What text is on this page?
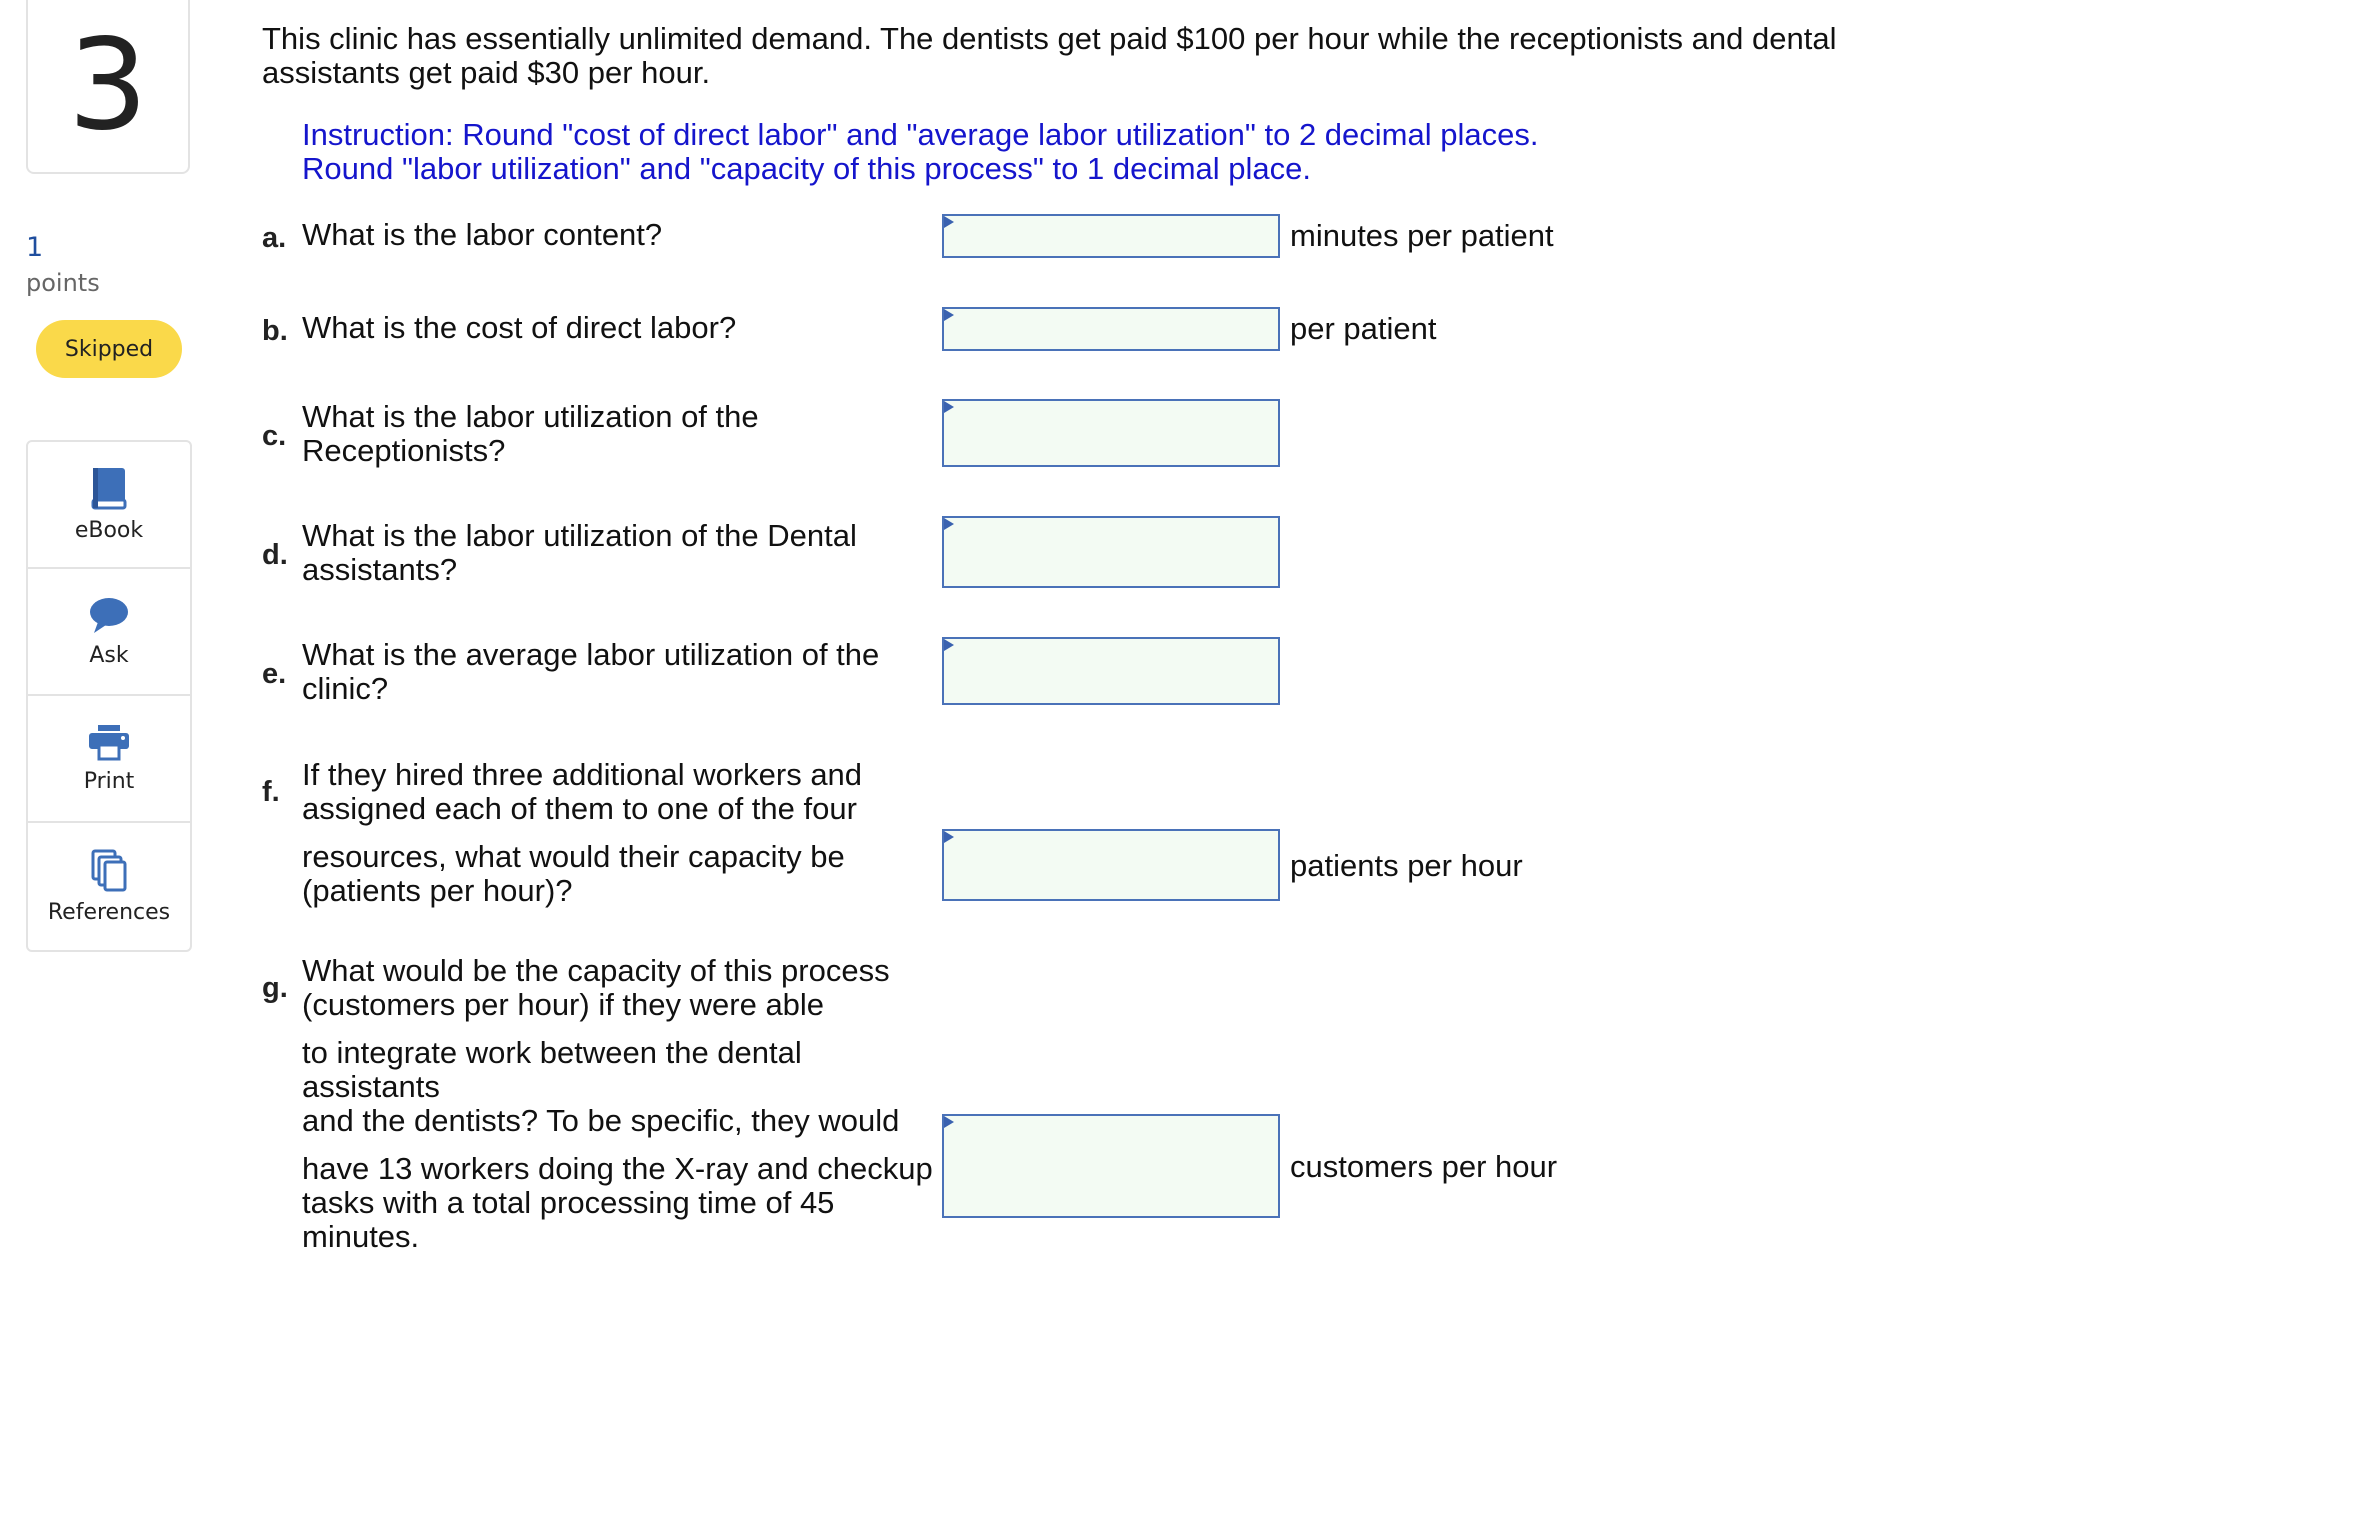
3
1
points
Skipped
eBook
Ask
Print
References
This clinic has essentially unlimited demand. The dentists get paid $100 per hour while the receptionists and dental
assistants get paid $30 per hour.
Instruction: Round "cost of direct labor" and "average labor utilization" to 2 decimal places.
Round "labor utilization" and "capacity of this process" to 1 decimal place.
a. What is the labor content?	minutes per patient
b. What is the cost of direct labor?	per patient
c.
What is the labor utilization of the
Receptionists?
d.
What is the labor utilization of the Dental
assistants?
e.
What is the average labor utilization of the
clinic?
f. If they hired three additional workers and
assigned each of them to one of the four
resources, what would their capacity be
(patients per hour)?
patients per hour
g. What would be the capacity of this process
(customers per hour) if they were able
to integrate work between the dental assistants
and the dentists? To be specific, they would
have 13 workers doing the X-ray and checkup
tasks with a total processing time of 45
minutes.
customers per hour
